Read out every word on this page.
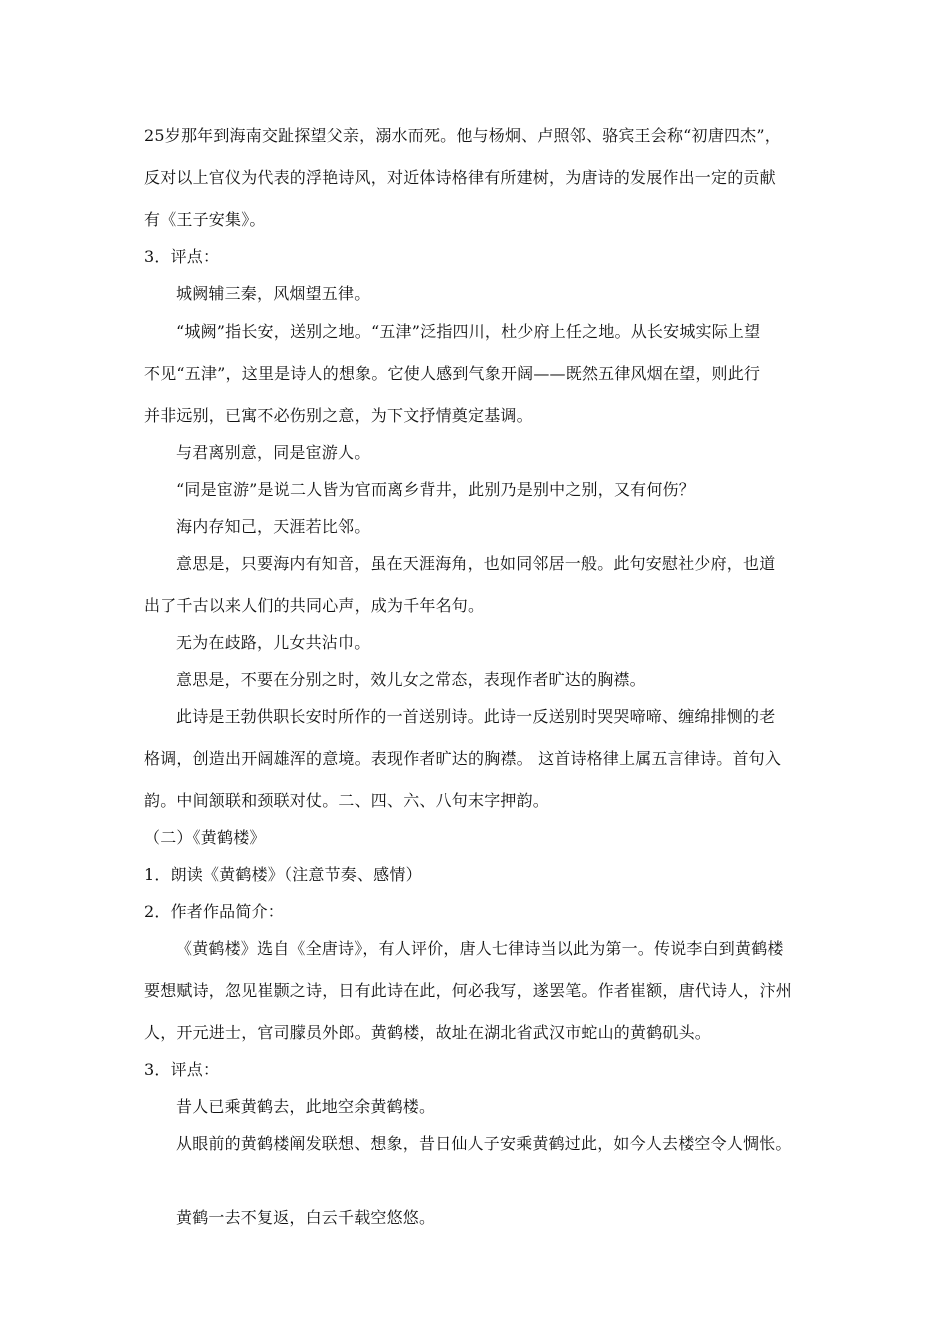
25岁那年到海南交趾探望父亲，溺水而死。他与杨炯、卢照邻、骆宾王会称“初唐四杰”，
反对以上官仪为代表的浮艳诗风，对近体诗格律有所建树，为唐诗的发展作出一定的贡献
有《王子安集》。
3．评点：
城阙辅三秦，风烟望五律。
“城阙”指长安，送别之地。“五津”泛指四川，杜少府上任之地。从长安城实际上望
不见“五津”，这里是诗人的想象。它使人感到气象开阔——既然五律风烟在望，则此行
并非远别，已寓不必伤别之意，为下文抒情奠定基调。
与君离别意，同是宦游人。
“同是宦游”是说二人皆为官而离乡背井，此别乃是别中之别，又有何伤？
海内存知己，天涯若比邻。
意思是，只要海内有知音，虽在天涯海角，也如同邻居一般。此句安慰社少府，也道
出了千古以来人们的共同心声，成为千年名句。
无为在歧路，儿女共沾巾。
意思是，不要在分别之时，效儿女之常态，表现作者旷达的胸襟。
此诗是王勃供职长安时所作的一首送别诗。此诗一反送别时哭哭啼啼、缠绵排恻的老
格调，创造出开阔雄浑的意境。表现作者旷达的胸襟。 这首诗格律上属五言律诗。首句入
韵。中间颔联和颈联对仗。二、四、六、八句末字押韵。
（二）《黄鹤楼》
1．朗读《黄鹤楼》（注意节奏、感情）
2．作者作品简介：
《黄鹤楼》选自《全唐诗》，有人评价，唐人七律诗当以此为第一。传说李白到黄鹤楼
要想赋诗，忽见崔颢之诗，日有此诗在此，何必我写，遂罢笔。作者崔额，唐代诗人，汴州
人，开元进士，官司朦员外郎。黄鹤楼，故址在湖北省武汉市蛇山的黄鹤矶头。
3．评点：
昔人已乘黄鹤去，此地空余黄鹤楼。
从眼前的黄鹤楼阐发联想、想象，昔日仙人子安乘黄鹤过此，如今人去楼空令人惆怅。
黄鹤一去不复返，白云千载空悠悠。
